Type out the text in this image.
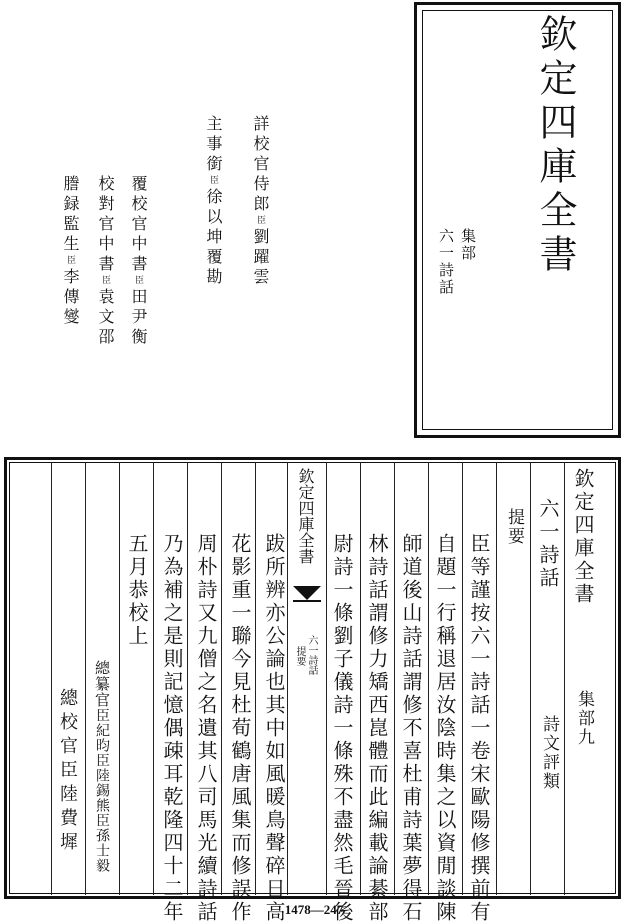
欽定四庫全書
集部
六一詩話
詳校官侍郎臣劉躍雲
主事銜臣徐以坤覆勘
覆校官中書臣田尹衡
校對官中書臣袁文邵
謄録監生臣李傳燮
欽定四庫全書
集部九
六一詩話
詩文評類
提要
臣等謹按六一詩話一卷宋歐陽修撰前有
自題一行稱退居汝陰時集之以資閒談陳
師道後山詩話謂修不喜杜甫詩葉夢得石
林詩話謂修力矯西崑體而此編載論綦部
尉詩一條劉子儀詩一條殊不盡然毛晉後
欽定四庫全書
六一詩話
提要
跋所辨亦公論也其中如風暖鳥聲碎日高
花影重一聯今見杜荀鶴唐風集而修誤作
周朴詩又九僧之名遺其八司馬光續詩話
乃為補之是則記憶偶疎耳乾隆四十二年
五月恭校上
總纂官臣紀昀臣陸錫熊臣孫士毅
總校官臣陸費墀
1478—247
